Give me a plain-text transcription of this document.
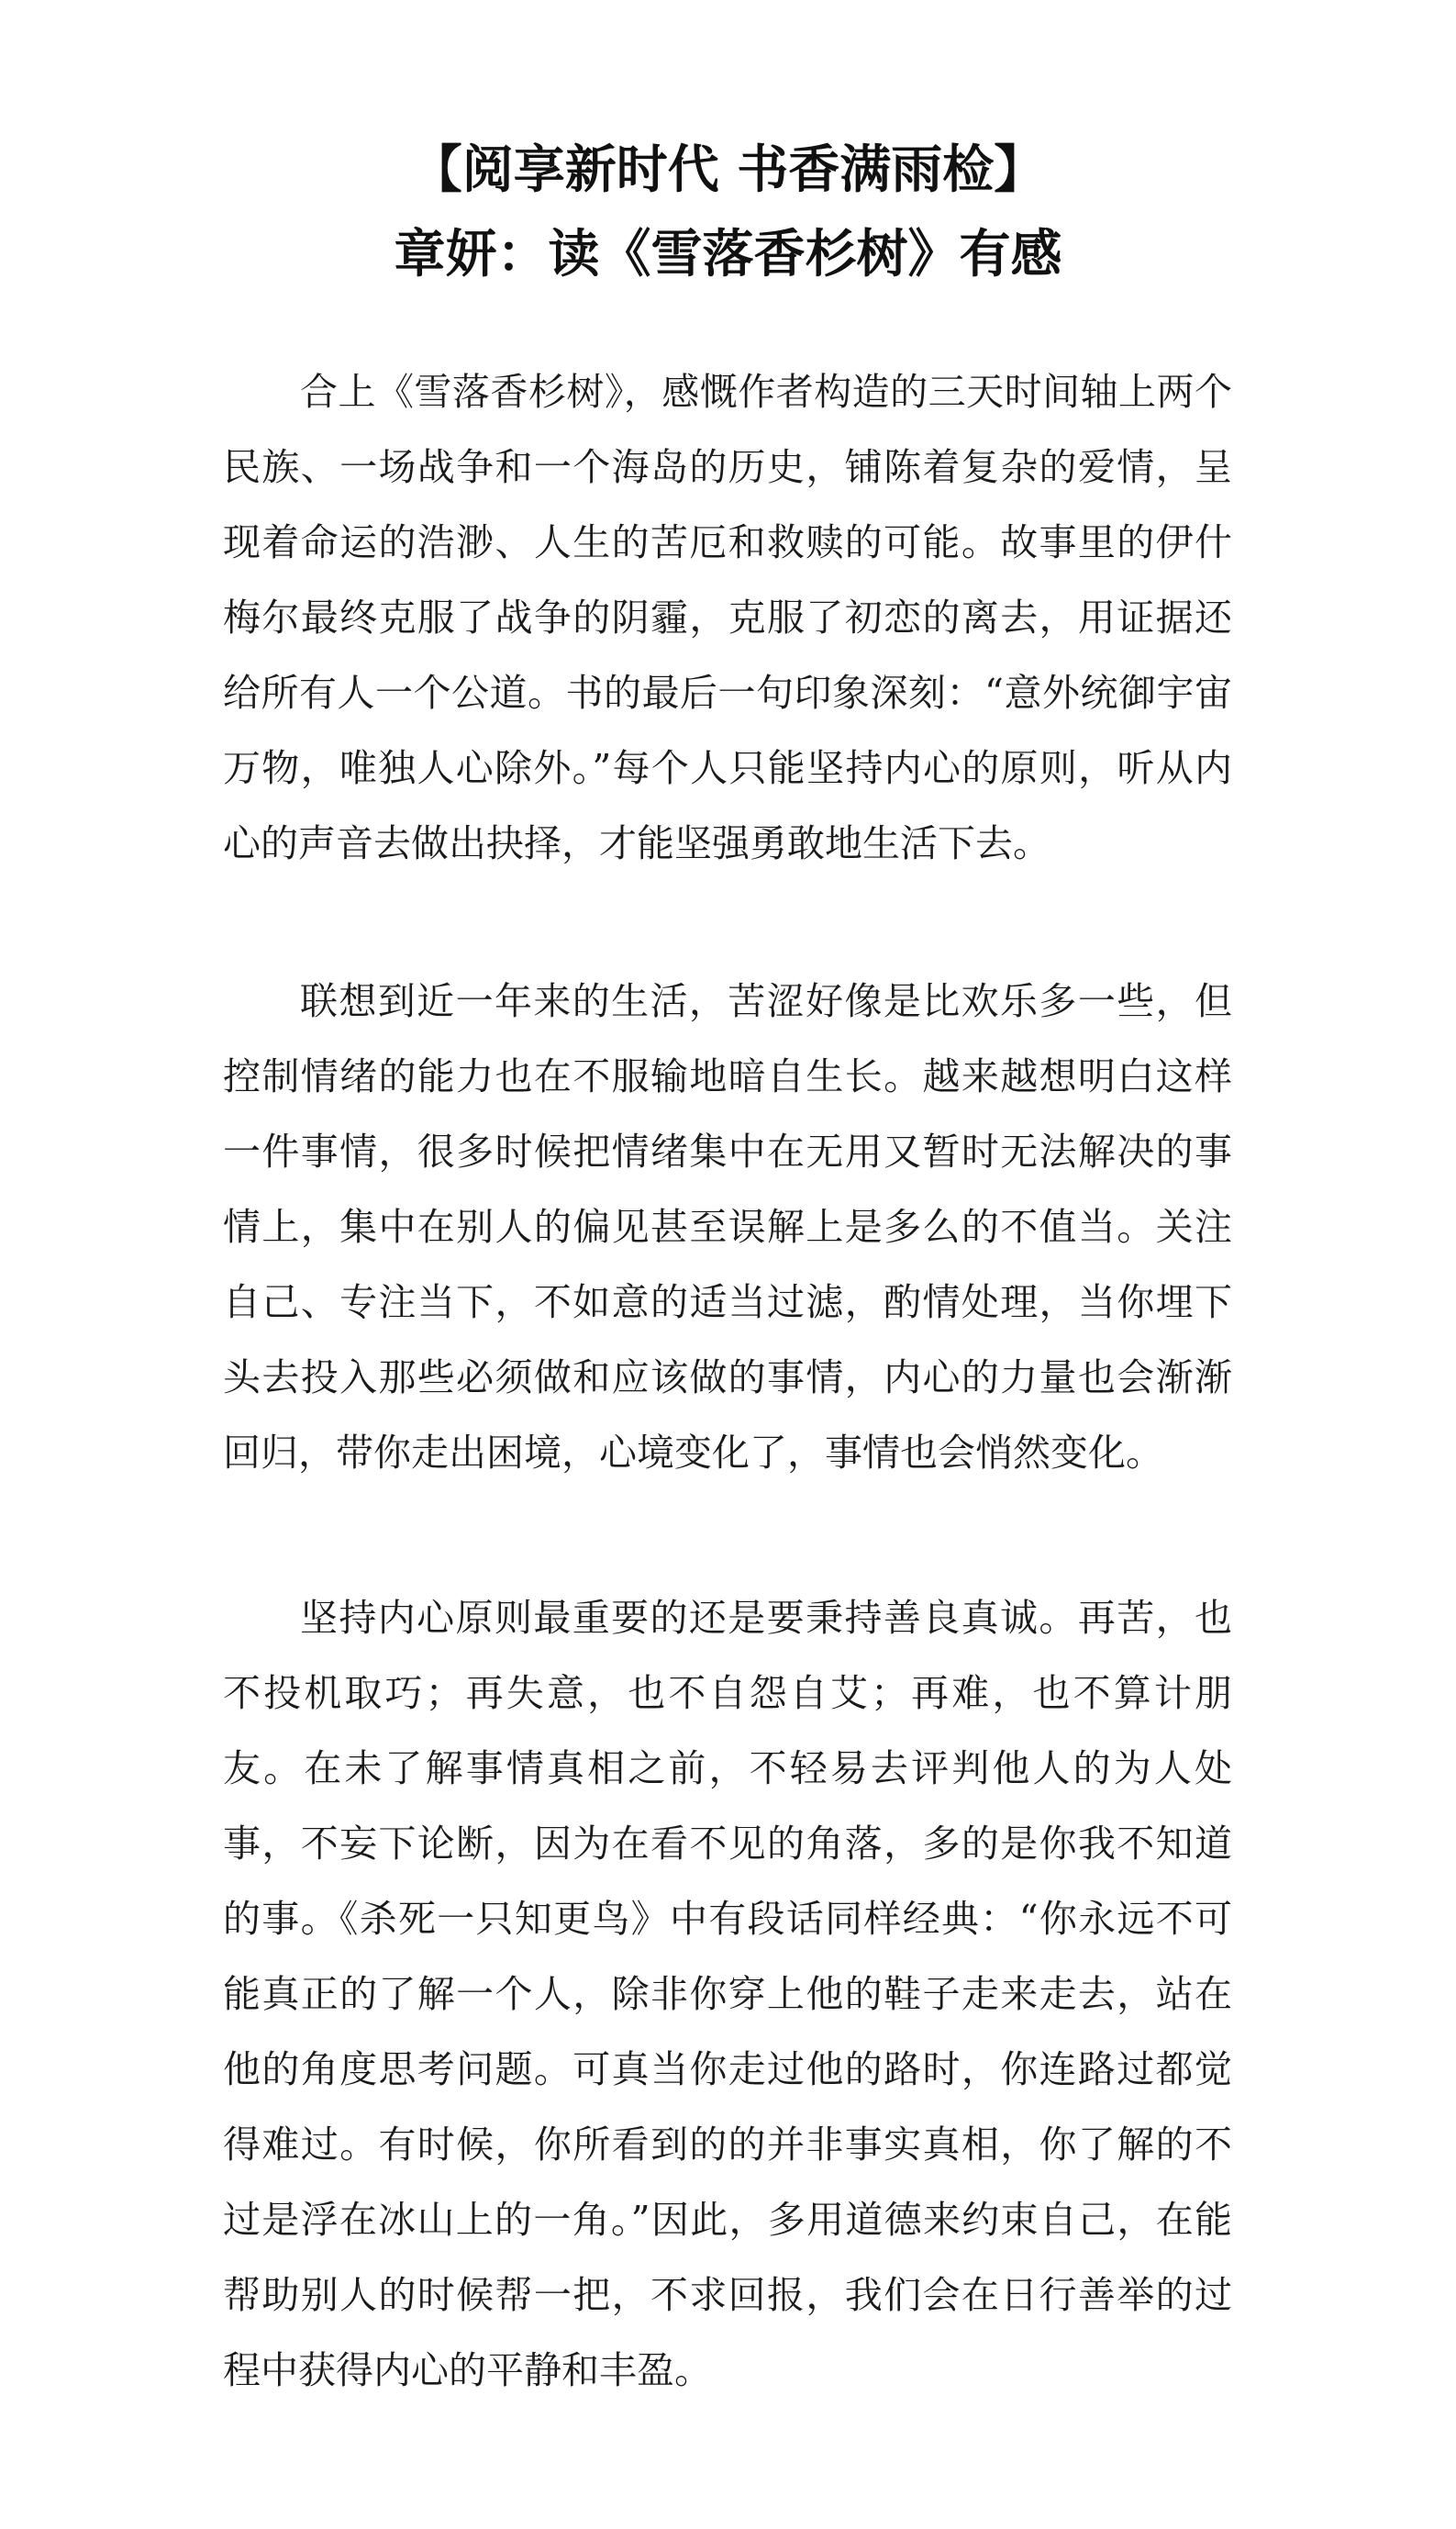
【阅享新时代 书香满雨检】
章妍：读《雪落香杉树》有感

合上《雪落香杉树》，感慨作者构造的三天时间轴上两个民族、一场战争和一个海岛的历史，铺陈着复杂的爱情，呈现着命运的浩渺、人生的苦厄和救赎的可能。故事里的伊什梅尔最终克服了战争的阴霾，克服了初恋的离去，用证据还给所有人一个公道。书的最后一句印象深刻：“意外统御宇宙万物，唯独人心除外。”每个人只能坚持内心的原则，听从内心的声音去做出抉择，才能坚强勇敢地生活下去。

联想到近一年来的生活，苦涩好像是比欢乐多一些，但控制情绪的能力也在不服输地暗自生长。越来越想明白这样一件事情，很多时候把情绪集中在无用又暂时无法解决的事情上，集中在别人的偏见甚至误解上是多么的不值当。关注自己、专注当下，不如意的适当过滤，酌情处理，当你埋下头去投入那些必须做和应该做的事情，内心的力量也会渐渐回归，带你走出困境，心境变化了，事情也会悄然变化。

坚持内心原则最重要的还是要秉持善良真诚。再苦，也不投机取巧；再失意，也不自怨自艾；再难，也不算计朋友。在未了解事情真相之前，不轻易去评判他人的为人处事，不妄下论断，因为在看不见的角落，多的是你我不知道的事。《杀死一只知更鸟》中有段话同样经典：“你永远不可能真正的了解一个人，除非你穿上他的鞋子走来走去，站在他的角度思考问题。可真当你走过他的路时，你连路过都觉得难过。有时候，你所看到的的并非事实真相，你了解的不过是浮在冰山上的一角。”因此，多用道德来约束自己，在能帮助别人的时候帮一把，不求回报，我们会在日行善举的过程中获得内心的平静和丰盈。
